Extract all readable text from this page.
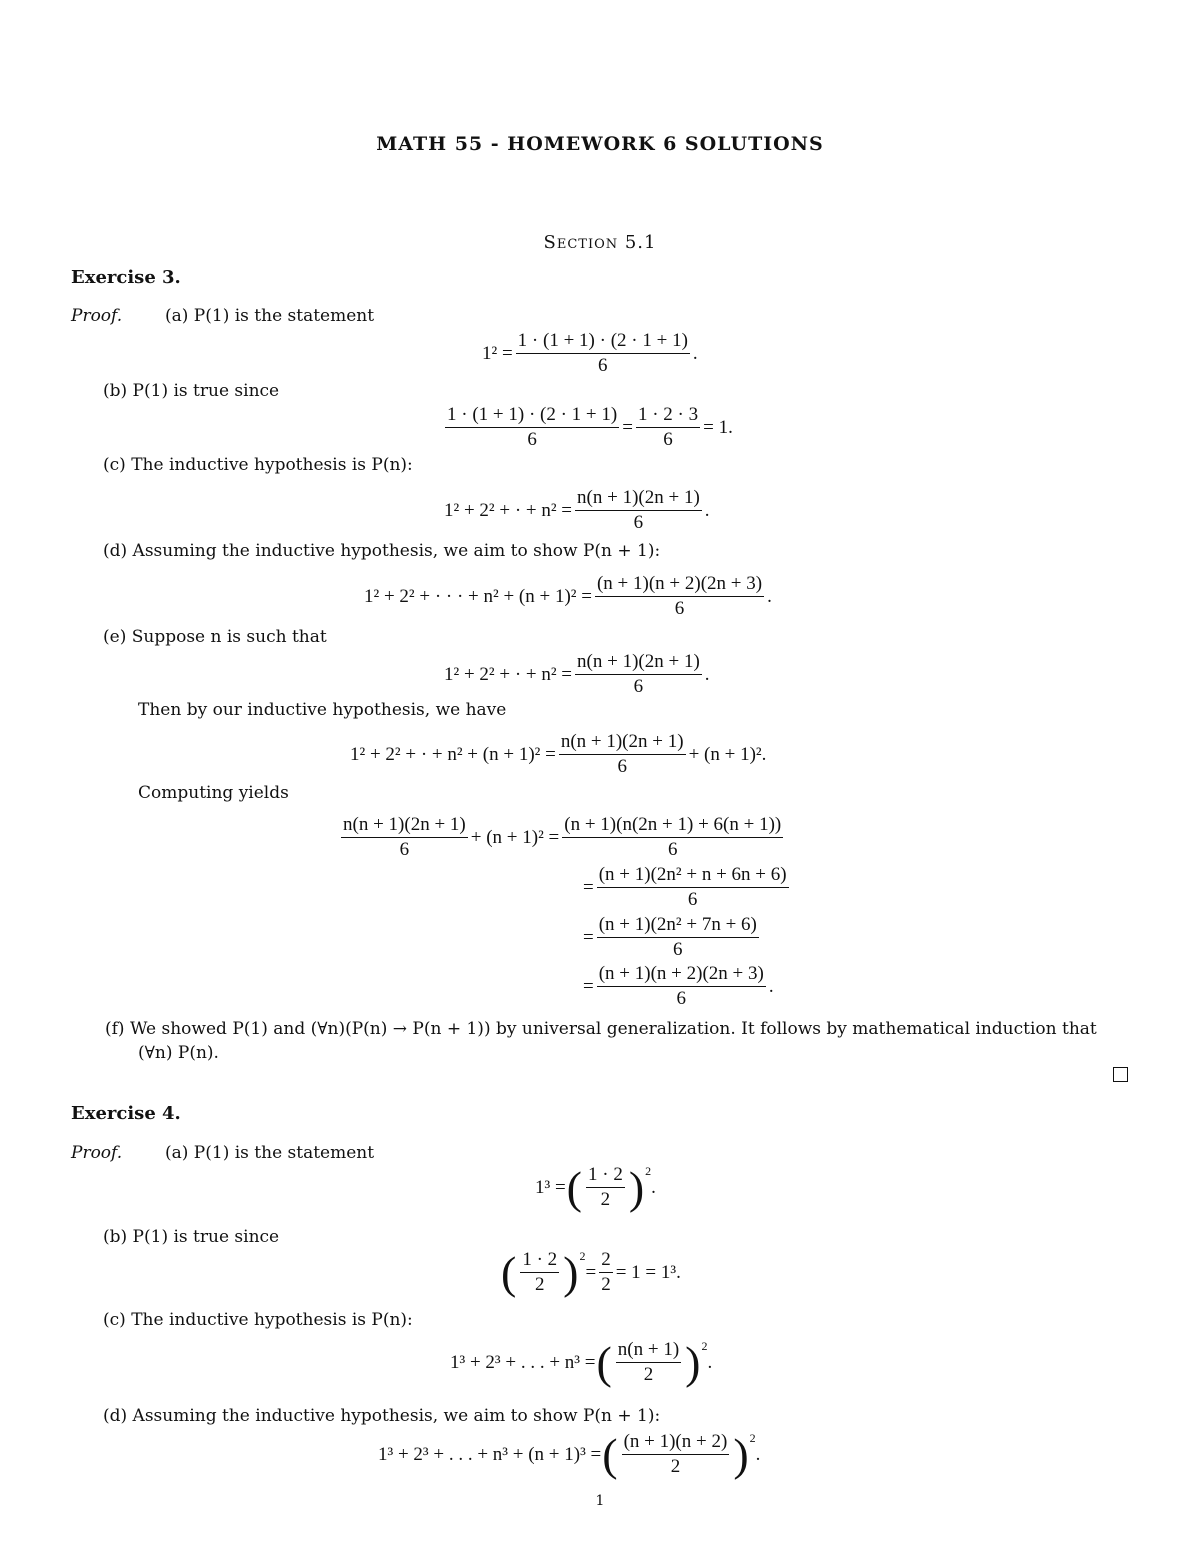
MATH 55 - HOMEWORK 6 SOLUTIONS
Section 5.1
Exercise 3.
Proof.	(a) P(1) is the statement
$1^2 = \frac{1 \cdot (1 + 1) \cdot (2 \cdot 1 + 1)}{6}$ .
(b) P(1) is true since
$\frac{1 \cdot (1 + 1) \cdot (2 \cdot 1 + 1)}{6} = \frac{1 \cdot 2 \cdot 3}{6} = 1$.
(c) The inductive hypothesis is P(n):
1² + 2² + · + $n^2 = \frac{n(n + 1)(2n + 1)}{6}$ .
(d) Assuming the inductive hypothesis, we aim to show P(n + 1):
1² + 2² + · · · + $n^2 + (n + 1)^2 = \frac{(n + 1)(n + 2)(2n + 3)}{6}$ .
(e) Suppose n is such that
1² + 2² + · + $n^2 = \frac{n(n + 1)(2n + 1)}{6}$ .
Then by our inductive hypothesis, we have
1² + 2² + · + $n^2 + (n + 1)^2 = \frac{n(n + 1)(2n + 1)}{6} + (n + 1)^2$.
Computing yields
$\frac{n(n + 1)(2n + 1)}{6} + (n + 1)^2 = \frac{(n + 1)(n(2n + 1) + 6(n + 1))}{6}$
= $\frac{\text{(n + 1)(2n² + n + 6n + 6)}}{6}$
= $\frac{\text{(n + 1)(2n² + 7n + 6)}}{6}$
= $\frac{(n + 1)(n + 2)(2n + 3)}{6}$ .
(f) We showed P(1) and (∀n)(P(n) → P(n + 1)) by universal generalization. It follows by mathematical induction that
(∀n) P(n).
Exercise 4.
Proof.	(a) P(1) is the statement
1³ = ( $\frac{1 \cdot 2}{2} )^2$
.
(b) P(1) is true since
( $\frac{1 \cdot 2}{2} )^2$
= $\frac{2}{2} = 1 = 1^3$.
(c) The inductive hypothesis is P(n):
1³ + 2³ + . . . + n³ = ( $\frac{n(n + 1)}{2} )^2$
.
(d) Assuming the inductive hypothesis, we aim to show P(n + 1):
1³ + 2³ + . . . + n³ + (n + 1)³ = ( $\frac{(n + 1)(n + 2)}{2} )^2$
.
1
